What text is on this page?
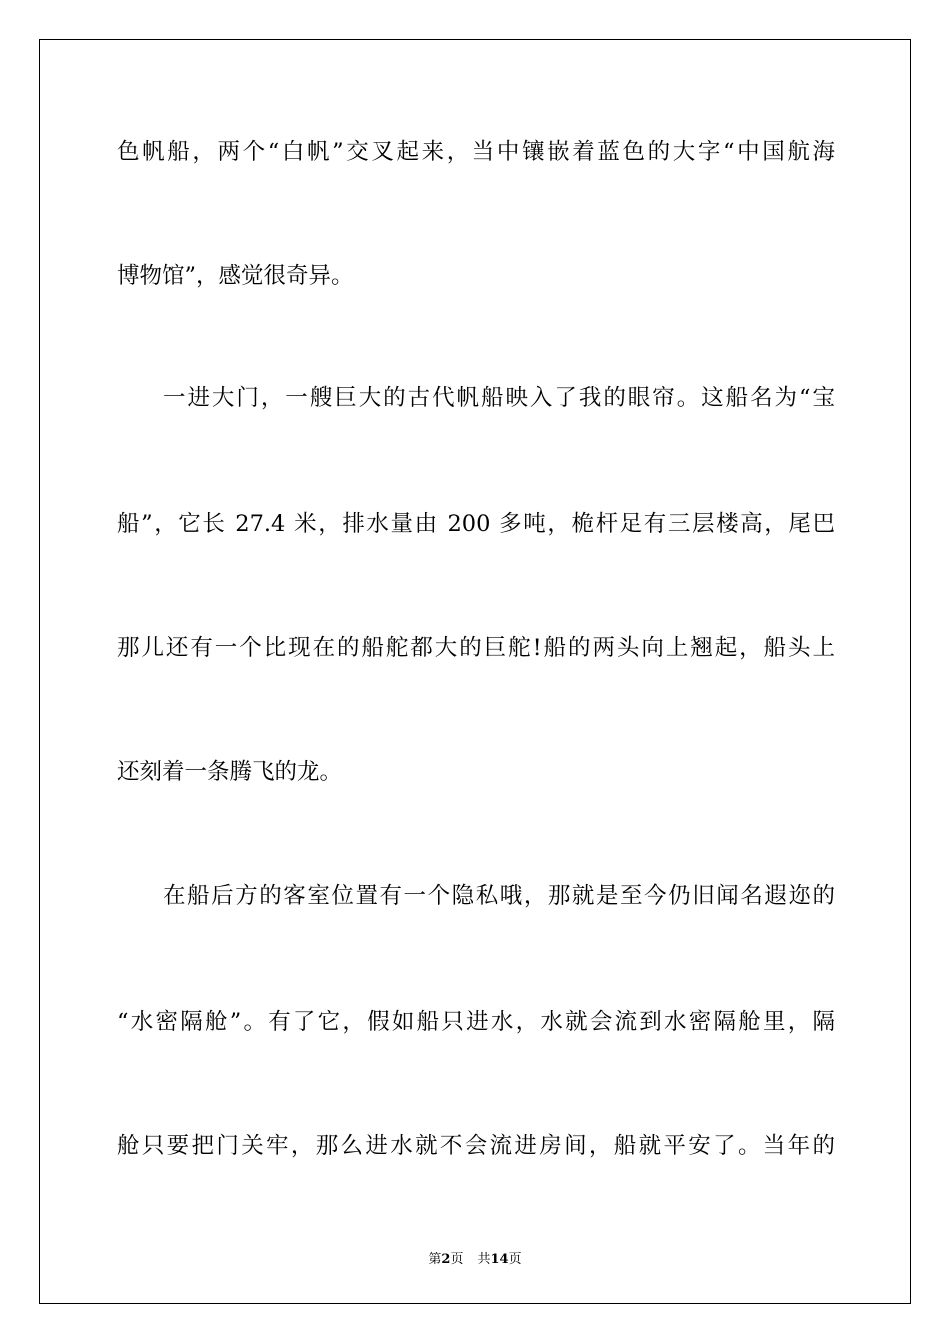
色帆船，两个“白帆”交叉起来，当中镶嵌着蓝色的大字“中国航海
博物馆”，感觉很奇异。
一进大门，一艘巨大的古代帆船映入了我的眼帘。这船名为“宝
船”，它长 27.4 米，排水量由 200 多吨，桅杆足有三层楼高，尾巴
那儿还有一个比现在的船舵都大的巨舵!船的两头向上翘起，船头上
还刻着一条腾飞的龙。
在船后方的客室位置有一个隐私哦，那就是至今仍旧闻名遐迩的
“水密隔舱”。有了它，假如船只进水，水就会流到水密隔舱里，隔
舱只要把门关牢，那么进水就不会流进房间，船就平安了。当年的
第2页 共14页
